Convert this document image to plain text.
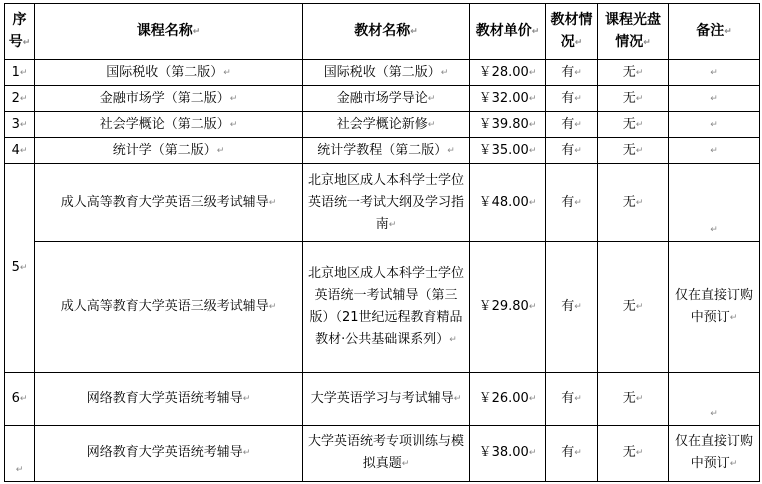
序号↵	课程名称↵	教材名称↵	教材单价↵	教材情况↵	课程光盘情况↵	备注↵
1↵	国际税收（第二版）↵	国际税收（第二版）↵	￥28.00↵	有↵	无↵	↵
2↵	金融市场学（第二版）↵	金融市场学导论↵	￥32.00↵	有↵	无↵	↵
3↵	社会学概论（第二版）↵	社会学概论新修↵	￥39.80↵	有↵	无↵	↵
4↵	统计学（第二版）↵	统计学教程（第二版）↵	￥35.00↵	有↵	无↵	↵
5↵	成人高等教育大学英语三级考试辅导↵	北京地区成人本科学士学位英语统一考试大纲及学习指南↵	￥48.00↵	有↵	无↵	↵
	成人高等教育大学英语三级考试辅导↵	北京地区成人本科学士学位英语统一考试辅导（第三版）（21世纪远程教育精品教材·公共基础课系列）↵	￥29.80↵	有↵	无↵	仅在直接订购中预订↵
6↵	网络教育大学英语统考辅导↵	大学英语学习与考试辅导↵	￥26.00↵	有↵	无↵	↵
↵	网络教育大学英语统考辅导↵	大学英语统考专项训练与模拟真题↵	￥38.00↵	有↵	无↵	仅在直接订购中预订↵
